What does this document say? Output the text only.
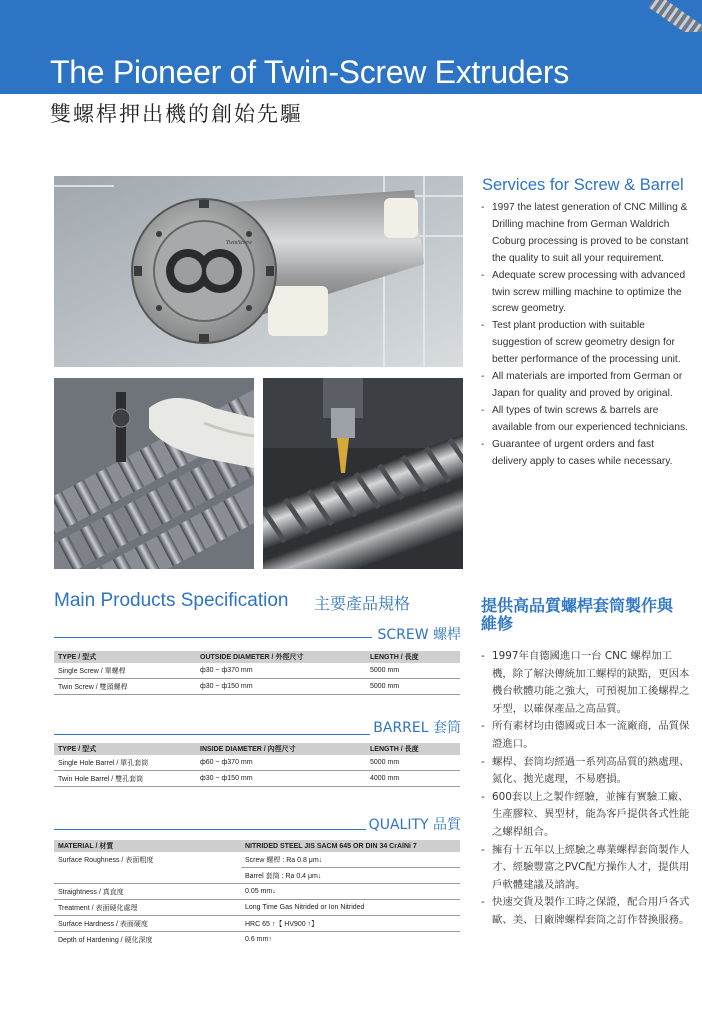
The Pioneer of Twin-Screw Extruders
雙螺桿押出機的創始先驅
TwinScrew
Services for Screw & Barrel
- 1997 the latest generation of CNC Milling & Drilling machine from German Waldrich Coburg processing is proved to be constant the quality to suit all your requirement.
- Adequate screw processing with advanced twin screw milling machine to optimize the screw geometry.
- Test plant production with suitable suggestion of screw geometry design for better performance of the processing unit.
- All materials are imported from German or Japan for quality and proved by original.
- All types of twin screws & barrels are available from our experienced technicians.
- Guarantee of urgent orders and fast delivery apply to cases while necessary.
Main Products Specification 主要產品規格
SCREW 螺桿
TYPE / 型式	OUTSIDE DIAMETER / 外徑尺寸	LENGTH / 長度
Single Screw / 單螺桿	ф30 ~ ф370 mm	5000 mm
Twin Screw / 雙頭螺桿	ф30 ~ ф150 mm	5000 mm
BARREL 套筒
TYPE / 型式	INSIDE DIAMETER / 內徑尺寸	LENGTH / 長度
Single Hole Barrel / 單孔套筒	ф60 ~ ф370 mm	5000 mm
Twin Hole Barrel / 雙孔套筒	ф30 ~ ф150 mm	4000 mm
QUALITY 品質
MATERIAL / 材質	NITRIDED STEEL JIS SACM 645 OR DIN 34 CrAlNi 7
Surface Roughness / 表面粗度	Screw 螺桿 : Ra 0.8 μm↓
	Barrel 套筒 : Ra 0.4 μm↓
Straightness / 真直度	0.05 mm↓
Treatment / 表面硬化處理	Long Time Gas Nitrided or Ion Nitrided
Surface Hardness / 表面硬度	HRC 65 ↑【 HV900 ↑】
Depth of Hardening / 硬化深度	0.6 mm↑
提供高品質螺桿套筒製作與維修
- 1997年自德國進口一台 CNC 螺桿加工機，除了解決傳統加工螺桿的缺點，更因本機台軟體功能之強大，可預視加工後螺桿之牙型，以確保產品之高品質。
- 所有素材均由德國或日本一流廠商，品質保證進口。
- 螺桿、套筒均經過一系列高品質的熱處理、氮化、拋光處理，不易磨損。
- 600套以上之製作經驗，並擁有實驗工廠、生產膠粒、異型材，能為客戶提供各式性能之螺桿組合。
- 擁有十五年以上經驗之專業螺桿套筒製作人才、經驗豐富之PVC配方操作人才，提供用戶軟體建議及諮詢。
- 快速交貨及製作工時之保證，配合用戶各式歐、美、日廠牌螺桿套筒之訂作替換服務。
